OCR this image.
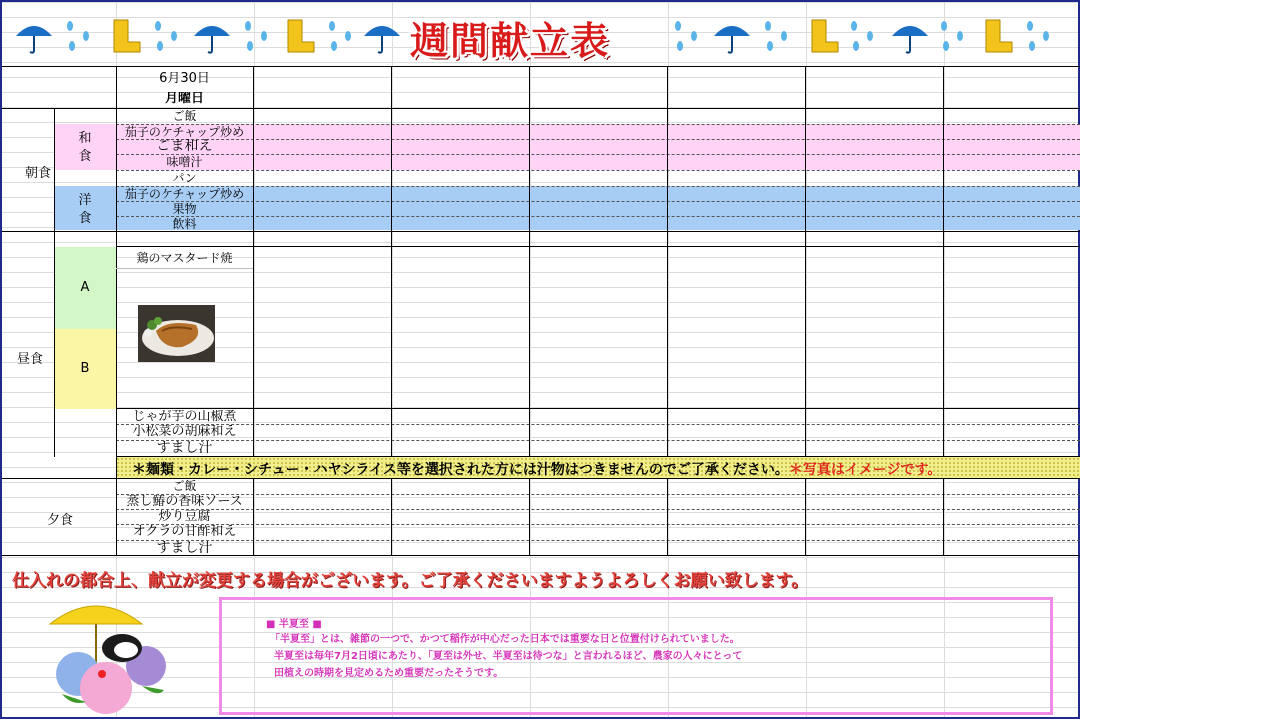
週間献立表
＊麺類・カレー・シチュー・ハヤシライス等を選択された方には汁物はつきませんのでご了承ください。＊写真はイメージです。
6月30日
月曜日
朝食
和
食
洋
食
ご飯
茄子のケチャップ炒め
ごま和え
味噌汁
パン
茄子のケチャップ炒め
果物
飲料
昼食
A
B
鶏のマスタード焼
じゃが芋の山椒煮
小松菜の胡麻和え
すまし汁
夕食
ご飯
蒸し鰆の香味ソース
炒り豆腐
オクラの甘酢和え
すまし汁
仕入れの都合上、献立が変更する場合がございます。ご了承くださいますようよろしくお願い致します。
■ 半夏至 ■
「半夏至」とは、雑節の一つで、かつて稲作が中心だった日本では重要な日と位置付けられていました。
半夏至は毎年7月2日頃にあたり、「夏至は外せ、半夏至は待つな」と言われるほど、農家の人々にとって
田植えの時期を見定めるため重要だったそうです。
